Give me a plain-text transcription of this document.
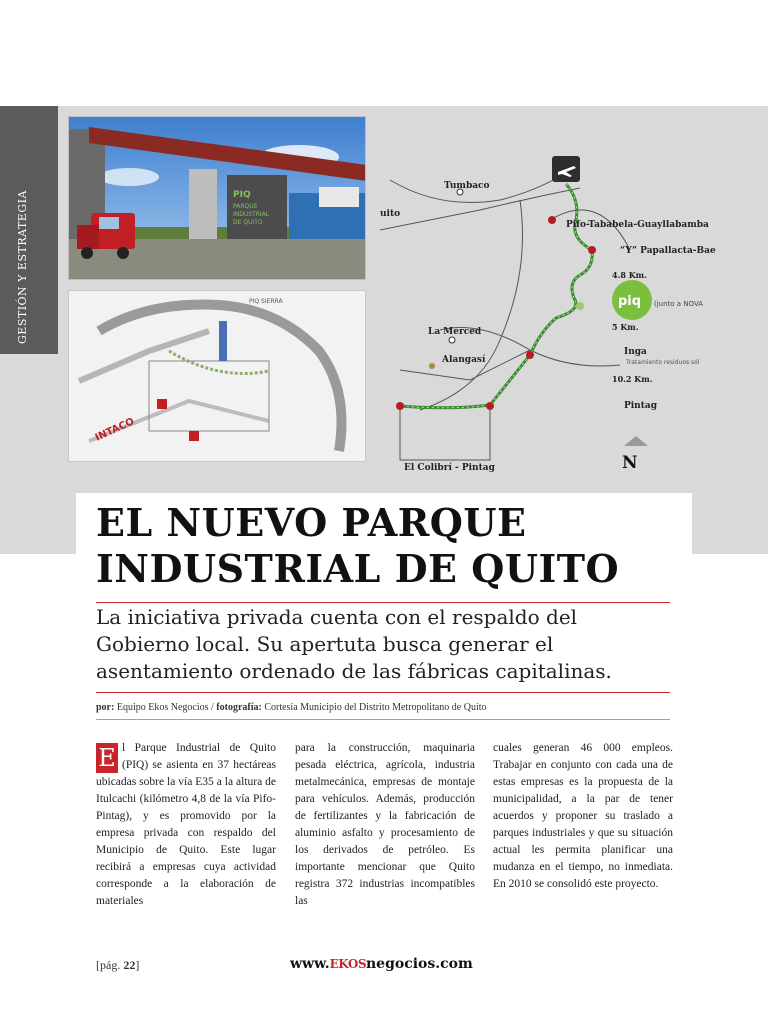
GESTIÓN Y ESTRATEGIA	PIQ
PARQUE
INDUSTRIAL
DE QUITO
INTACO
PIQ SIERRA	piq
Tumbaco
uito
Pifo-Tababela-Guayllabamba
“Y” Papallacta-Bae
4.8 Km.
5 Km.
La Merced
Inga
Alangasí
10.2 Km.
Pintag
El Colibrí - Pintag
(junto a NOVA
Tratamiento residuos sól
N
EL NUEVO PARQUE
INDUSTRIAL DE QUITO

La iniciativa privada cuenta con el respaldo del Gobierno local. Su apertuta busca generar el asentamiento ordenado de las fábricas capitalinas.

por: Equipo Ekos Negocios / fotografía: Cortesía Municipio del Distrito Metropolitano de Quito
E l Parque Industrial de Quito (PIQ) se asienta en 37 hectáreas ubicadas sobre la vía E35 a la altura de Itulcachi (kilómetro 4,8 de la vía Pifo-Pintag), y es promovido por la empresa privada con respaldo del Municipio de Quito. Este lugar recibirá a empresas cuya actividad corresponde a la elaboración de materiales
para la construcción, maquinaria pesada eléctrica, agrícola, industria metalmecánica, empresas de montaje para vehículos. Además, producción de fertilizantes y la fabricación de aluminio asfalto y procesamiento de los derivados de petróleo. Es importante mencionar que Quito registra 372 industrias incompatibles las
cuales generan 46 000 empleos. Trabajar en conjunto con cada una de estas empresas es la propuesta de la municipalidad, a la par de tener acuerdos y proponer su traslado a parques industriales y que su situación actual les permita planificar una mudanza en el tiempo, no inmediata. En 2010 se consolidó este proyecto.
[pág. 22]	www.EKOSnegocios.com
